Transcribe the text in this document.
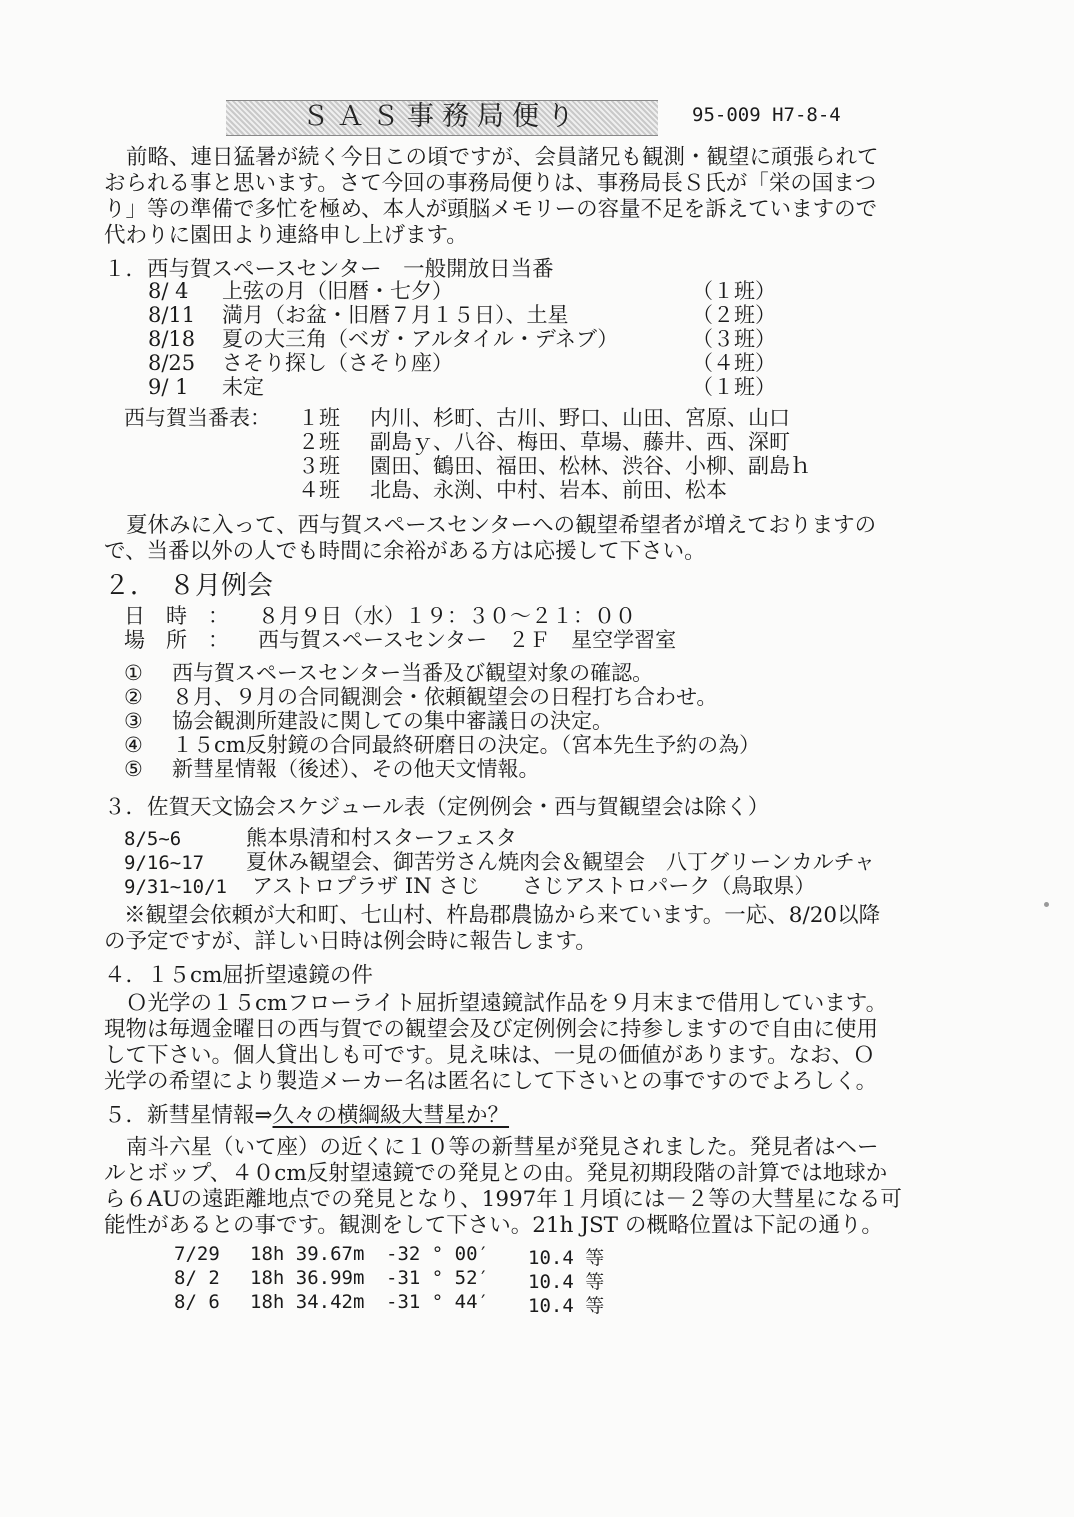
ＳＡＳ事務局便り	95-009 H7-8-4
前略、連日猛暑が続く今日この頃ですが、会員諸兄も観測・観望に頑張られて
おられる事と思います。さて今回の事務局便りは、事務局長Ｓ氏が「栄の国まつ
り」等の準備で多忙を極め、本人が頭脳メモリーの容量不足を訴えていますので
代わりに園田より連絡申し上げます。
１．西与賀スペースセンター　一般開放日当番
8/ 4 上弦の月（旧暦・七夕）	（１班）
8/11 満月（お盆・旧暦７月１５日）、土星	（２班）
8/18 夏の大三角（ベガ・アルタイル・デネブ）	（３班）
8/25 さそり探し（さそり座）	（４班）
9/ 1 未定	（１班）
西与賀当番表： １班 内川、杉町、古川、野口、山田、宮原、山口
２班 副島ｙ、八谷、梅田、草場、藤井、西、深町
３班 園田、鶴田、福田、松林、渋谷、小柳、副島ｈ
４班 北島、永渕、中村、岩本、前田、松本
夏休みに入って、西与賀スペースセンターへの観望希望者が増えておりますの
で、当番以外の人でも時間に余裕がある方は応援して下さい。
２．　８月例会
日　時　： ８月９日（水）１９：３０～２１：００
場　所　： 西与賀スペースセンター　２Ｆ　星空学習室
① 西与賀スペースセンター当番及び観望対象の確認。
② ８月、９月の合同観測会・依頼観望会の日程打ち合わせ。
③ 協会観測所建設に関しての集中審議日の決定。
④ １５cm反射鏡の合同最終研磨日の決定。（宮本先生予約の為）
⑤ 新彗星情報（後述）、その他天文情報。
３．佐賀天文協会スケジュール表（定例例会・西与賀観望会は除く）
8/5~6	熊本県清和村スターフェスタ
9/16~17 夏休み観望会、御苦労さん焼肉会＆観望会　八丁グリーンカルチャ
9/31~10/1 アストロプラザ IN さじ　　さじアストロパーク（鳥取県）
※観望会依頼が大和町、七山村、杵島郡農協から来ています。一応、8/20以降
の予定ですが、詳しい日時は例会時に報告します。
４．１５cm屈折望遠鏡の件
Ｏ光学の１５cmフローライト屈折望遠鏡試作品を９月末まで借用しています。
現物は毎週金曜日の西与賀での観望会及び定例例会に持参しますので自由に使用
して下さい。個人貸出しも可です。見え味は、一見の価値があります。なお、Ｏ
光学の希望により製造メーカー名は匿名にして下さいとの事ですのでよろしく。
５．新彗星情報⇒久々の横綱級大彗星か？
南斗六星（いて座）の近くに１０等の新彗星が発見されました。発見者はヘー
ルとボップ、４０cm反射望遠鏡での発見との由。発見初期段階の計算では地球か
ら６AUの遠距離地点での発見となり、1997年１月頃には－２等の大彗星になる可
能性があるとの事です。観測をして下さい。21h JST の概略位置は下記の通り。
7/29 18h 39.67m -32 ° 00′ 10.4 等
8/ 2 18h 36.99m -31 ° 52′ 10.4 等
8/ 6 18h 34.42m -31 ° 44′ 10.4 等
